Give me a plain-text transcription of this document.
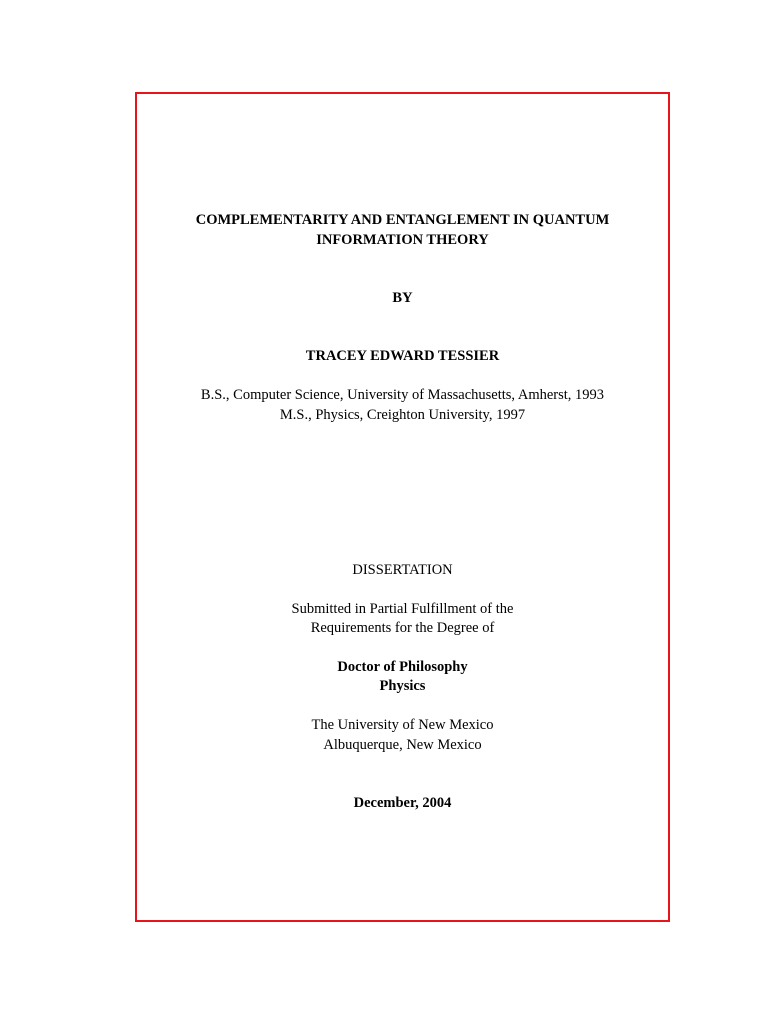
COMPLEMENTARITY AND ENTANGLEMENT IN QUANTUM
INFORMATION THEORY
BY
TRACEY EDWARD TESSIER
B.S., Computer Science, University of Massachusetts, Amherst, 1993
M.S., Physics, Creighton University, 1997
DISSERTATION
Submitted in Partial Fulfillment of the
Requirements for the Degree of
Doctor of Philosophy
Physics
The University of New Mexico
Albuquerque, New Mexico
December, 2004
